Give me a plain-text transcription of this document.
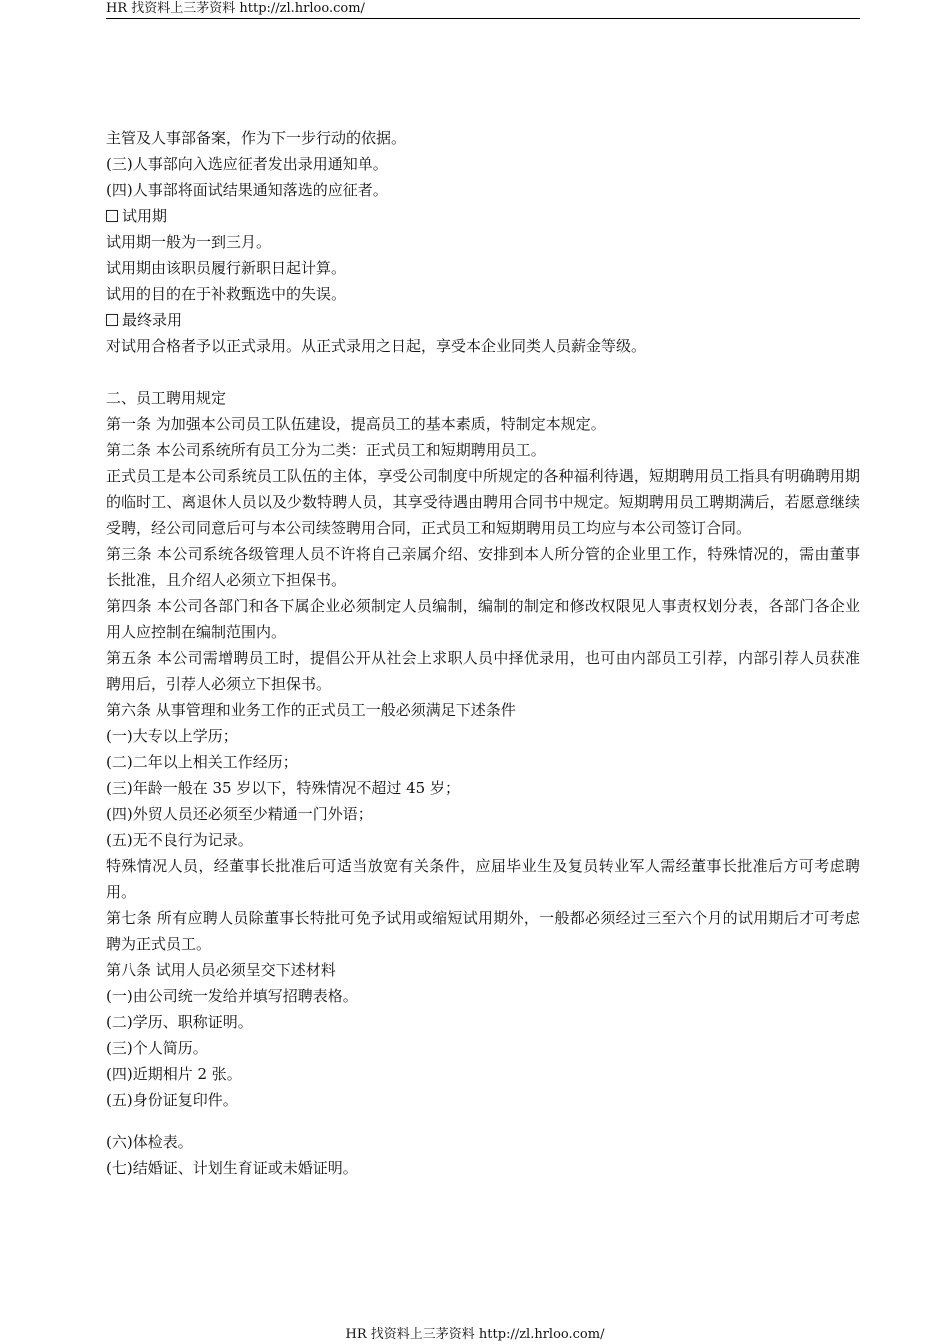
HR 找资料上三茅资料 http://zl.hrloo.com/
主管及人事部备案，作为下一步行动的依据。
(三)人事部向入选应征者发出录用通知单。
(四)人事部将面试结果通知落选的应征者。
试用期
试用期一般为一到三月。
试用期由该职员履行新职日起计算。
试用的目的在于补救甄选中的失误。
最终录用
对试用合格者予以正式录用。从正式录用之日起，享受本企业同类人员薪金等级。
二、员工聘用规定
第一条 为加强本公司员工队伍建设，提高员工的基本素质，特制定本规定。
第二条 本公司系统所有员工分为二类：正式员工和短期聘用员工。
正式员工是本公司系统员工队伍的主体，享受公司制度中所规定的各种福利待遇，短期聘用员工指具有明确聘用期的临时工、离退休人员以及少数特聘人员，其享受待遇由聘用合同书中规定。短期聘用员工聘期满后，若愿意继续受聘，经公司同意后可与本公司续签聘用合同，正式员工和短期聘用员工均应与本公司签订合同。
第三条 本公司系统各级管理人员不许将自己亲属介绍、安排到本人所分管的企业里工作，特殊情况的，需由董事长批准，且介绍人必须立下担保书。
第四条 本公司各部门和各下属企业必须制定人员编制，编制的制定和修改权限见人事责权划分表，各部门各企业用人应控制在编制范围内。
第五条 本公司需增聘员工时，提倡公开从社会上求职人员中择优录用，也可由内部员工引荐，内部引荐人员获准聘用后，引荐人必须立下担保书。
第六条 从事管理和业务工作的正式员工一般必须满足下述条件
(一)大专以上学历；
(二)二年以上相关工作经历；
(三)年龄一般在 35 岁以下，特殊情况不超过 45 岁；
(四)外贸人员还必须至少精通一门外语；
(五)无不良行为记录。
特殊情况人员，经董事长批准后可适当放宽有关条件，应届毕业生及复员转业军人需经董事长批准后方可考虑聘用。
第七条 所有应聘人员除董事长特批可免予试用或缩短试用期外，一般都必须经过三至六个月的试用期后才可考虑聘为正式员工。
第八条 试用人员必须呈交下述材料
(一)由公司统一发给并填写招聘表格。
(二)学历、职称证明。
(三)个人简历。
(四)近期相片 2 张。
(五)身份证复印件。
(六)体检表。
(七)结婚证、计划生育证或未婚证明。
HR 找资料上三茅资料 http://zl.hrloo.com/
